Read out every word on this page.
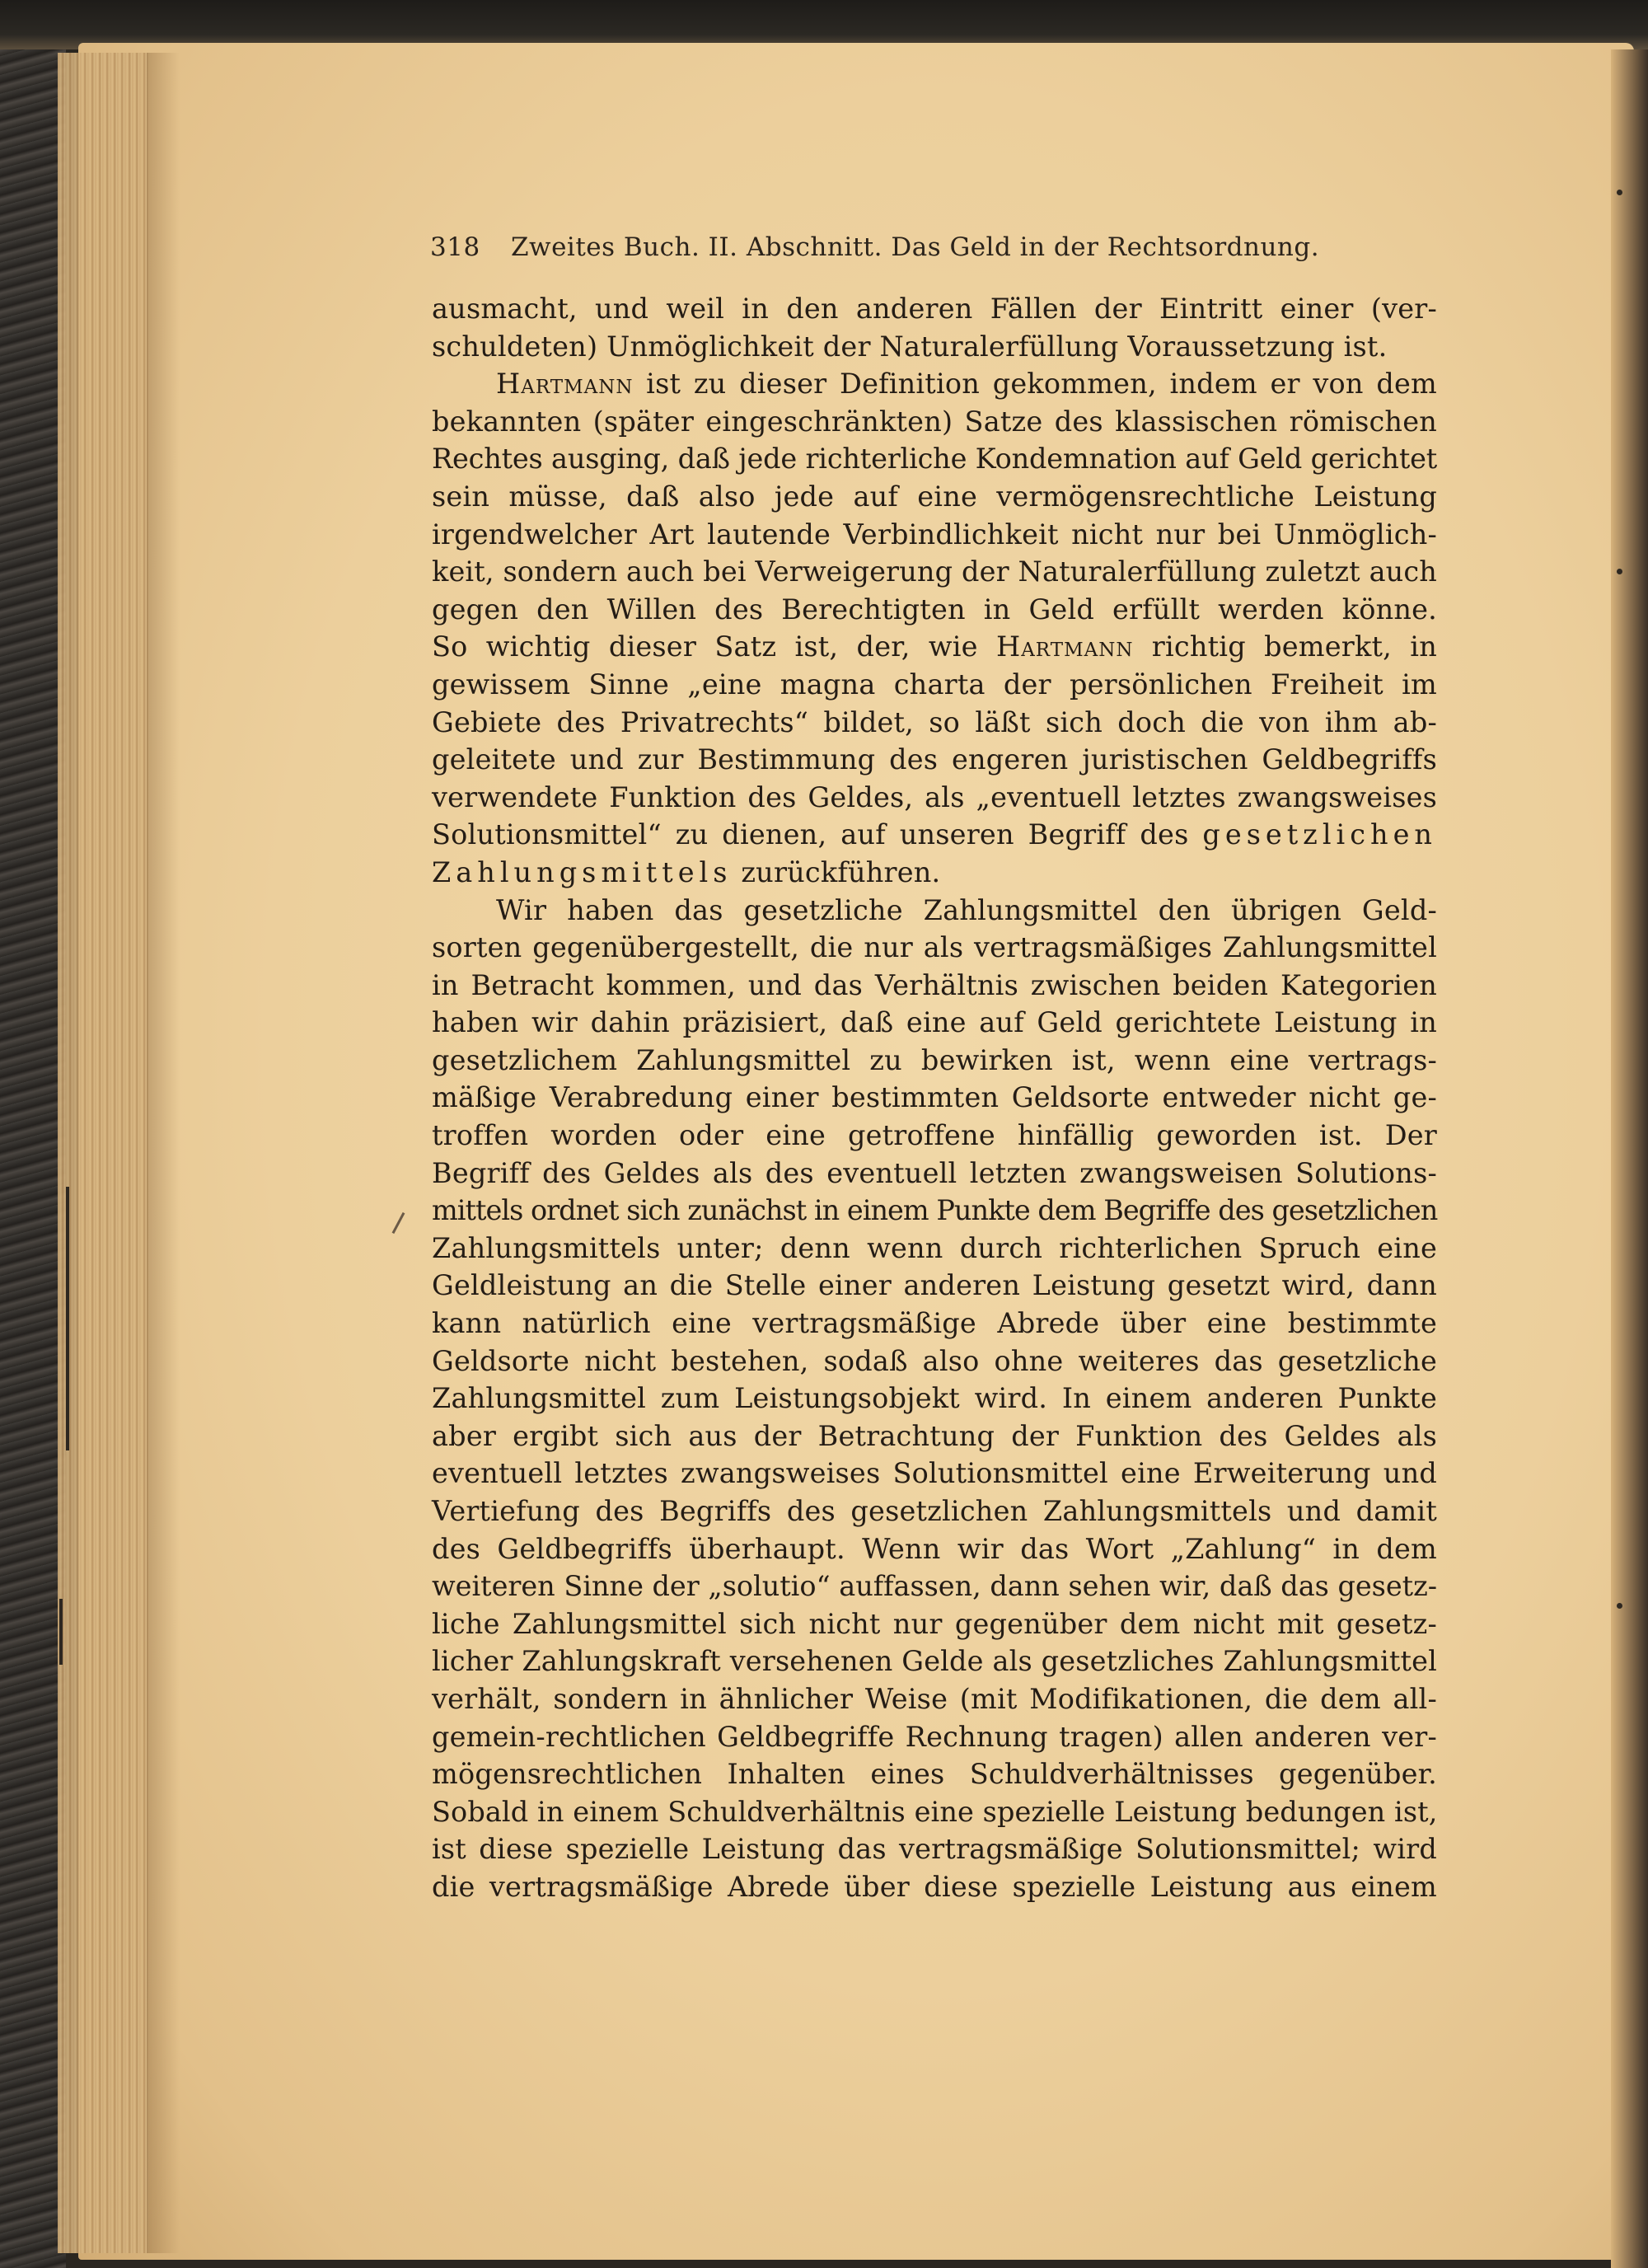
318 Zweites Buch. II. Abschnitt. Das Geld in der Rechtsordnung.
ausmacht, und weil in den anderen Fällen der Eintritt einer (ver-
schuldeten) Unmöglichkeit der Naturalerfüllung Voraussetzung ist.
Hartmann ist zu dieser Definition gekommen, indem er von dem
bekannten (später eingeschränkten) Satze des klassischen römischen
Rechtes ausging, daß jede richterliche Kondemnation auf Geld gerichtet
sein müsse, daß also jede auf eine vermögensrechtliche Leistung
irgendwelcher Art lautende Verbindlichkeit nicht nur bei Unmöglich-
keit, sondern auch bei Verweigerung der Naturalerfüllung zuletzt auch
gegen den Willen des Berechtigten in Geld erfüllt werden könne.
So wichtig dieser Satz ist, der, wie Hartmann richtig bemerkt, in
gewissem Sinne „eine magna charta der persönlichen Freiheit im
Gebiete des Privatrechts“ bildet, so läßt sich doch die von ihm ab-
geleitete und zur Bestimmung des engeren juristischen Geldbegriffs
verwendete Funktion des Geldes, als „eventuell letztes zwangsweises
Solutionsmittel“ zu dienen, auf unseren Begriff des gesetzlichen
Zahlungsmittels zurückführen.
Wir haben das gesetzliche Zahlungsmittel den übrigen Geld-
sorten gegenübergestellt, die nur als vertragsmäßiges Zahlungsmittel
in Betracht kommen, und das Verhältnis zwischen beiden Kategorien
haben wir dahin präzisiert, daß eine auf Geld gerichtete Leistung in
gesetzlichem Zahlungsmittel zu bewirken ist, wenn eine vertrags-
mäßige Verabredung einer bestimmten Geldsorte entweder nicht ge-
troffen worden oder eine getroffene hinfällig geworden ist. Der
Begriff des Geldes als des eventuell letzten zwangsweisen Solutions-
mittels ordnet sich zunächst in einem Punkte dem Begriffe des gesetzlichen
Zahlungsmittels unter; denn wenn durch richterlichen Spruch eine
Geldleistung an die Stelle einer anderen Leistung gesetzt wird, dann
kann natürlich eine vertragsmäßige Abrede über eine bestimmte
Geldsorte nicht bestehen, sodaß also ohne weiteres das gesetzliche
Zahlungsmittel zum Leistungsobjekt wird. In einem anderen Punkte
aber ergibt sich aus der Betrachtung der Funktion des Geldes als
eventuell letztes zwangsweises Solutionsmittel eine Erweiterung und
Vertiefung des Begriffs des gesetzlichen Zahlungsmittels und damit
des Geldbegriffs überhaupt. Wenn wir das Wort „Zahlung“ in dem
weiteren Sinne der „solutio“ auffassen, dann sehen wir, daß das gesetz-
liche Zahlungsmittel sich nicht nur gegenüber dem nicht mit gesetz-
licher Zahlungskraft versehenen Gelde als gesetzliches Zahlungsmittel
verhält, sondern in ähnlicher Weise (mit Modifikationen, die dem all-
gemein-rechtlichen Geldbegriffe Rechnung tragen) allen anderen ver-
mögensrechtlichen Inhalten eines Schuldverhältnisses gegenüber.
Sobald in einem Schuldverhältnis eine spezielle Leistung bedungen ist,
ist diese spezielle Leistung das vertragsmäßige Solutionsmittel; wird
die vertragsmäßige Abrede über diese spezielle Leistung aus einem
